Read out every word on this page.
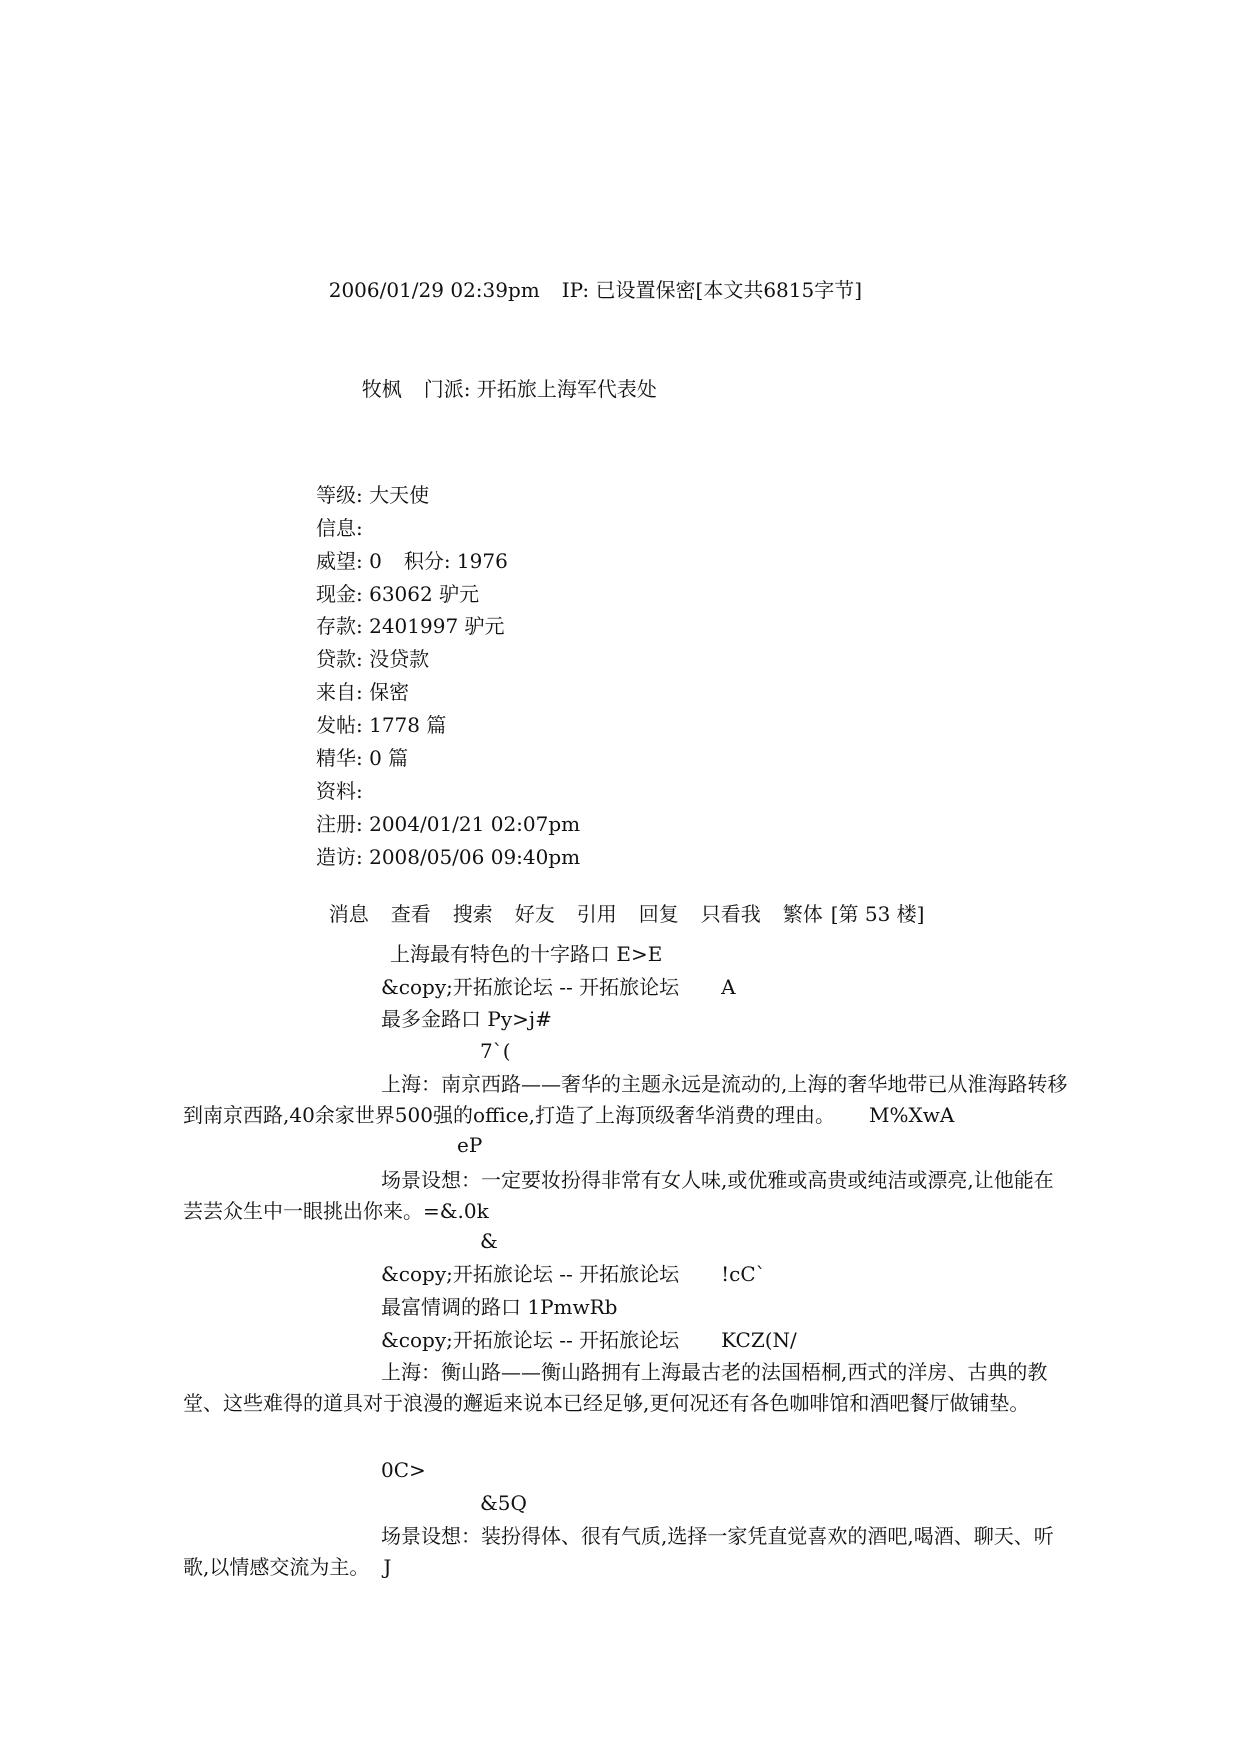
2006/01/29 02:39pm IP: 已设置保密[本文共6815字节]

牧枫 门派: 开拓旅上海军代表处

等级: 大天使
信息:
威望: 0 积分: 1976
现金: 63062 驴元
存款: 2401997 驴元
贷款: 没贷款
来自: 保密
发帖: 1778 篇
精华: 0 篇
资料:
注册: 2004/01/21 02:07pm
造访: 2008/05/06 09:40pm

消息 查看 搜索 好友 引用 回复 只看我 繁体 [第 53 楼]

上海最有特色的十字路口 E>E
&copy;开拓旅论坛 -- 开拓旅论坛 A
最多金路口 Py>j#
7`(
上海：南京西路——奢华的主题永远是流动的,上海的奢华地带已从淮海路转移到南京西路,40余家世界500强的office,打造了上海顶级奢华消费的理由。 M%XwA
eP
场景设想：一定要妆扮得非常有女人味,或优雅或高贵或纯洁或漂亮,让他能在芸芸众生中一眼挑出你来。=&.0k
&
&copy;开拓旅论坛 -- 开拓旅论坛 !cC`
最富情调的路口 1PmwRb
&copy;开拓旅论坛 -- 开拓旅论坛 KCZ(N/
上海：衡山路——衡山路拥有上海最古老的法国梧桐,西式的洋房、古典的教堂、这些难得的道具对于浪漫的邂逅来说本已经足够,更何况还有各色咖啡馆和酒吧餐厅做铺垫。
0C>
&5Q
场景设想：装扮得体、很有气质,选择一家凭直觉喜欢的酒吧,喝酒、聊天、听歌,以情感交流为主。 J
